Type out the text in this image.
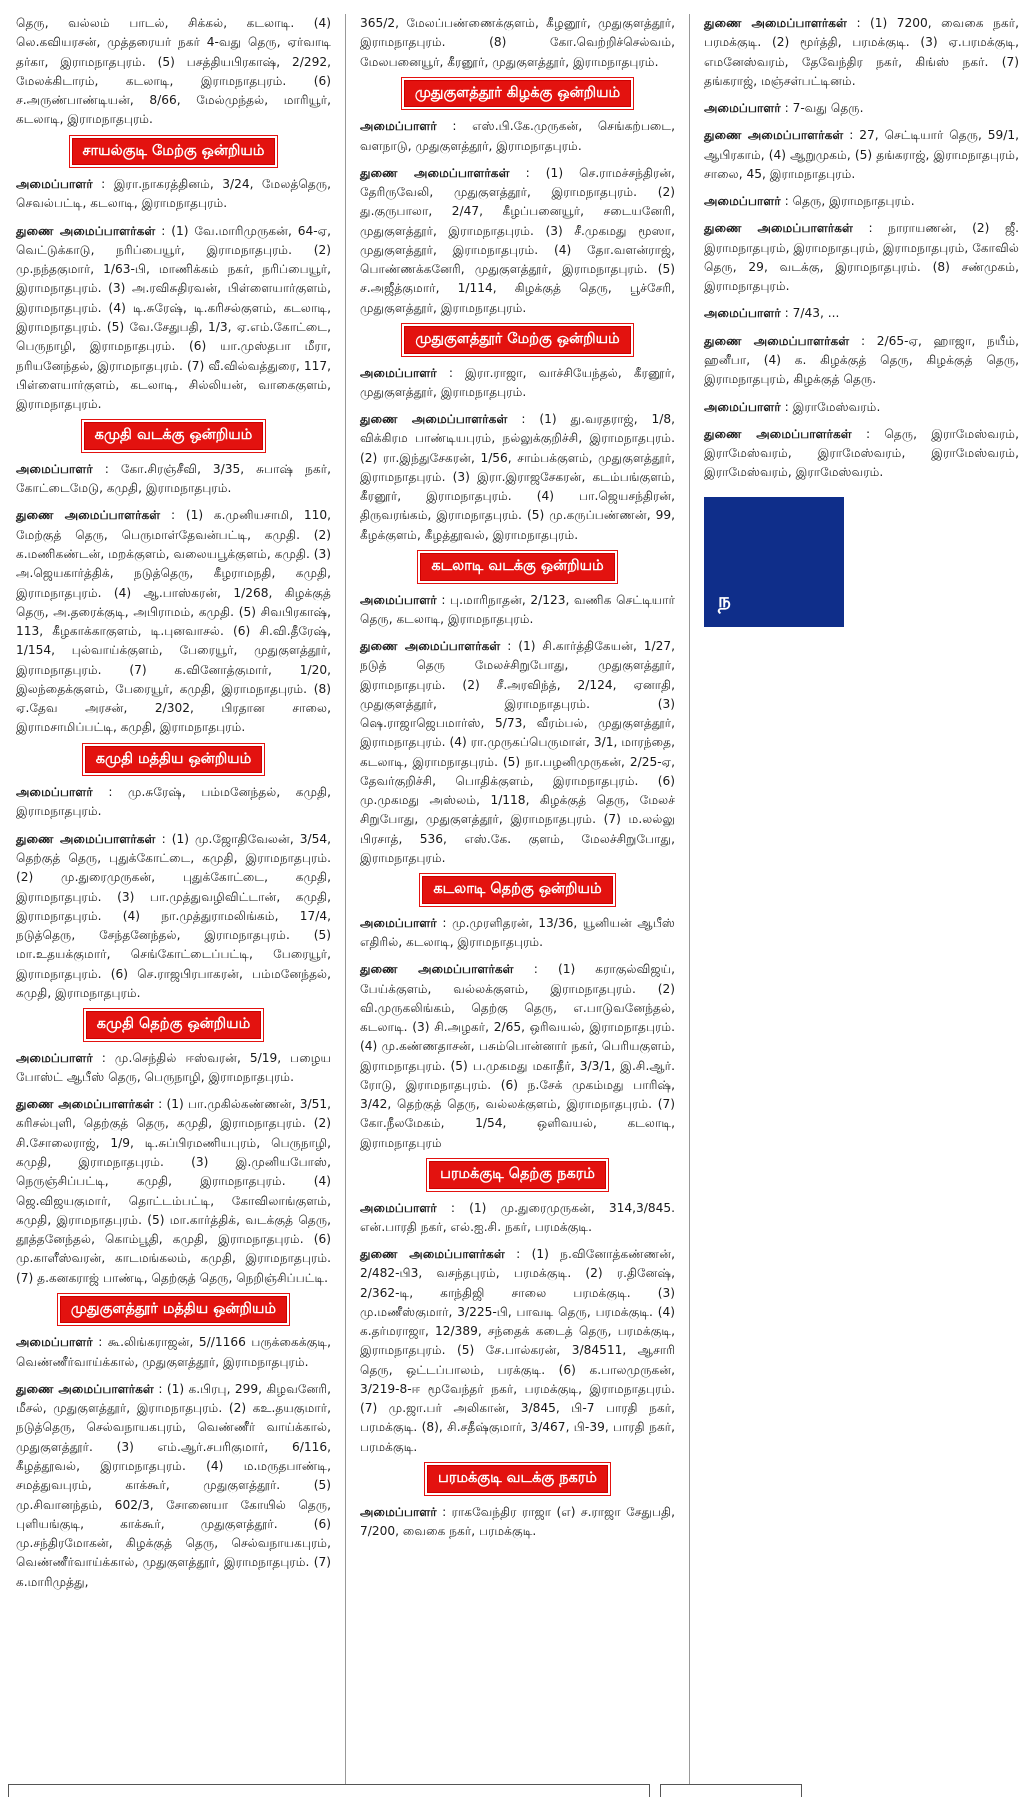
தெரு, வல்லம் பாடல், சிக்கல், கடலாடி. (4) லெ.கவியரசன், முத்தரையர் நகர் 4-வது தெரு, ஏர்வாடி தர்கா, இராமநாதபுரம். (5) பசத்தியபிரகாஷ், 2/292, மேலக்கிடாரம், கடலாடி, இராமநாதபுரம். (6) ச.அருண்பாண்டியன், 8/66, மேல்முந்தல், மாரியூர், கடலாடி, இராமநாதபுரம்.

சாயல்குடி மேற்கு ஒன்றியம்

அமைப்பாளர் : இரா.நாகரத்தினம், 3/24, மேலத்தெரு, செவல்பட்டி, கடலாடி, இராமநாதபுரம்.

துணை அமைப்பாளர்கள் : (1) வே.மாரிமுருகன், 64-ஏ, வெட்டுக்காடு, நரிப்பையூர், இராமநாதபுரம். (2) மு.நந்தகுமார், 1/63-பி, மாணிக்கம் நகர், நரிப்பையூர், இராமநாதபுரம். (3) அ.ரவிசுதிரவன், பிள்ளையார்குளம், இராமநாதபுரம். (4) டி.சுரேஷ், டி.கரிசல்குளம், கடலாடி, இராமநாதபுரம். (5) வே.சேதுபதி, 1/3, ஏ.எம்.கோட்டை, பெருநாழி, இராமநாதபுரம். (6) யா.முஸ்தபா மீரா, நரியனேந்தல், இராமநாதபுரம். (7) வீ.வில்வத்துரை, 117, பிள்ளையார்குளம், கடலாடி, சில்லியன், வாகைகுளம், இராமநாதபுரம்.

கமுதி வடக்கு ஒன்றியம்

அமைப்பாளர் : கோ.சிரஞ்சீவி, 3/35, சுபாஷ் நகர், கோட்டைமேடு, கமுதி, இராமநாதபுரம்.

துணை அமைப்பாளர்கள் : (1) க.முனியசாமி, 110, மேற்குத் தெரு, பெருமாள்தேவன்பட்டி, கமுதி. (2) க.மணிகண்டன், மறக்குளம், வலையபூக்குளம், கமுதி. (3) அ.ஜெயகார்த்திக், நடுத்தெரு, கீழராமநதி, கமுதி, இராமநாதபுரம். (4) ஆ.பாஸ்கரன், 1/268, கிழக்குத் தெரு, அ.தரைக்குடி, அபிராமம், கமுதி. (5) சிவபிரகாஷ், 113, கீழகாக்காகுளம், டி.புனவாசல். (6) சி.வி.தீரேஷ், 1/154, புல்வாய்க்குளம், பேரையூர், முதுகுளத்தூர், இராமநாதபுரம். (7) க.வினோத்குமார், 1/20, இலந்தைக்குளம், பேரையூர், கமுதி, இராமநாதபுரம். (8) ஏ.தேவ அரசன், 2/302, பிரதான சாலை, இராமசாமிப்பட்டி, கமுதி, இராமநாதபுரம்.

கமுதி மத்திய ஒன்றியம்

அமைப்பாளர் : மு.சுரேஷ், பம்மனேந்தல், கமுதி, இராமநாதபுரம்.

துணை அமைப்பாளர்கள் : (1) மு.ஜோதிவேலன், 3/54, தெற்குத் தெரு, புதுக்கோட்டை, கமுதி, இராமநாதபுரம். (2) மு.துரைமுருகன், புதுக்கோட்டை, கமுதி, இராமநாதபுரம். (3) பா.முத்துவழிவிட்டான், கமுதி, இராமநாதபுரம். (4) நா.முத்துராமலிங்கம், 17/4, நடுத்தெரு, சேந்தனேந்தல், இராமநாதபுரம். (5) மா.உதயக்குமார், செங்கோட்டைப்பட்டி, பேரையூர், இராமநாதபுரம். (6) செ.ராஜபிரபாகரன், பம்மனேந்தல், கமுதி, இராமநாதபுரம்.

கமுதி தெற்கு ஒன்றியம்

அமைப்பாளர் : மு.செந்தில் ஈஸ்வரன், 5/19, பழைய போஸ்ட் ஆபீஸ் தெரு, பெருநாழி, இராமநாதபுரம்.

துணை அமைப்பாளர்கள் : (1) பா.முகில்கண்ணன், 3/51, கரிசல்புளி, தெற்குத் தெரு, கமுதி, இராமநாதபுரம். (2) சி.சோலைராஜ், 1/9, டி.சுப்பிரமணியபுரம், பெருநாழி, கமுதி, இராமநாதபுரம். (3) இ.முனியபோஸ், நெருஞ்சிப்பட்டி, கமுதி, இராமநாதபுரம். (4) ஜெ.விஜயகுமார், தொட்டம்பட்டி, கோவிலாங்குளம், கமுதி, இராமநாதபுரம். (5) மா.கார்த்திக், வடக்குத் தெரு, தூத்தனேந்தல், கொம்பூதி, கமுதி, இராமநாதபுரம். (6) மு.காளீஸ்வரன், காடமங்கலம், கமுதி, இராமநாதபுரம். (7) த.கனகராஜ் பாண்டி, தெற்குத் தெரு, நெறிஞ்சிப்பட்டி.

முதுகுளத்தூர் மத்திய ஒன்றியம்

அமைப்பாளர் : கூ.லிங்கராஜன், 5//1166 பருக்கைக்குடி, வெண்ணீர்வாய்க்கால், முதுகுளத்தூர், இராமநாதபுரம்.

துணை அமைப்பாளர்கள் : (1) க.பிரபு, 299, கிழவனேரி, மீசல், முதுகுளத்தூர், இராமநாதபுரம். (2) கஉ.தயகுமார், நடுத்தெரு, செல்வநாயகபுரம், வெண்ணீர் வாய்க்கால், முதுகுளத்தூர். (3) எம்.ஆர்.சபரிகுமார், 6/116, கீழத்தூவல், இராமநாதபுரம். (4) ம.மருதபாண்டி, சமத்துவபுரம், காக்கூர், முதுகுளத்தூர். (5) மு.சிவானந்தம், 602/3, சோனையா கோயில் தெரு, புளியங்குடி, காக்கூர், முதுகுளத்தூர். (6) மு.சந்திரமோகன், கிழக்குத் தெரு, செல்வநாயகபுரம், வெண்ணீர்வாய்க்கால், முதுகுளத்தூர், இராமநாதபுரம். (7) க.மாரிமுத்து,

365/2, மேலப்பண்ணைக்குளம், கீழனூர், முதுகுளத்தூர், இராமநாதபுரம். (8) கோ.வெற்றிச்செல்வம், மேலபனையூர், கீரனூர், முதுகுளத்தூர், இராமநாதபுரம்.

முதுகுளத்தூர் கிழக்கு ஒன்றியம்

அமைப்பாளர் : எஸ்.பி.கே.முருகன், செங்கற்படை, வளநாடு, முதுகுளத்தூர், இராமநாதபுரம்.

துணை அமைப்பாளர்கள் : (1) செ.ராமச்சந்திரன், தேரிருவேலி, முதுகுளத்தூர், இராமநாதபுரம். (2) து.குருபாலா, 2/47, கீழப்பனையூர், சடையனேரி, முதுகுளத்தூர், இராமநாதபுரம். (3) சீ.முகமது மூஸா, முதுகுளத்தூர், இராமநாதபுரம். (4) தோ.வளன்ராஜ், பொண்ணக்கனேரி, முதுகுளத்தூர், இராமநாதபுரம். (5) ச.அஜீத்குமார், 1/114, கிழக்குத் தெரு, பூச்சேரி, முதுகுளத்தூர், இராமநாதபுரம்.

முதுகுளத்தூர் மேற்கு ஒன்றியம்

அமைப்பாளர் : இரா.ராஜா, வாச்சியேந்தல், கீரனூர், முதுகுளத்தூர், இராமநாதபுரம்.

துணை அமைப்பாளர்கள் : (1) து.வரதராஜ், 1/8, விக்கிரம பாண்டியபுரம், நல்லுக்குறிச்சி, இராமநாதபுரம். (2) ரா.இந்துசேகரன், 1/56, சாம்பக்குளம், முதுகுளத்தூர், இராமநாதபுரம். (3) இரா.இராஜசேகரன், கடம்பங்குளம், கீரனூர், இராமநாதபுரம். (4) பா.ஜெயசந்திரன், திருவரங்கம், இராமநாதபுரம். (5) மு.கருப்பண்ணன், 99, கீழக்குளம், கீழத்தூவல், இராமநாதபுரம்.

கடலாடி வடக்கு ஒன்றியம்

அமைப்பாளர் : பு.மாரிநாதன், 2/123, வணிக செட்டியார் தெரு, கடலாடி, இராமநாதபுரம்.

துணை அமைப்பாளர்கள் : (1) சி.கார்த்திகேயன், 1/27, நடுத் தெரு மேலச்சிறுபோது, முதுகுளத்தூர், இராமநாதபுரம். (2) சீ.அரவிந்த், 2/124, ஏனாதி, முதுகுளத்தூர், இராமநாதபுரம். (3) ஷெ.ராஜாஜெபமார்ஸ், 5/73, வீரம்பல், முதுகுளத்தூர், இராமநாதபுரம். (4) ரா.முருகப்பெருமாள், 3/1, மாரந்தை, கடலாடி, இராமநாதபுரம். (5) நா.பழனிமுருகன், 2/25-ஏ, தேவர்குறிச்சி, பொதிக்குளம், இராமநாதபுரம். (6) மு.முகமது அஸ்லம், 1/118, கிழக்குத் தெரு, மேலச் சிறுபோது, முதுகுளத்தூர், இராமநாதபுரம். (7) ம.லல்லு பிரசாத், 536, எஸ்.கே. குளம், மேலச்சிறுபோது, இராமநாதபுரம்.

கடலாடி தெற்கு ஒன்றியம்

அமைப்பாளர் : மு.முரளிதரன், 13/36, யூனியன் ஆபீஸ் எதிரில், கடலாடி, இராமநாதபுரம்.

துணை அமைப்பாளர்கள் : (1) கராகுல்விஜய், பேய்க்குளம், வல்லக்குளம், இராமநாதபுரம். (2) வி.முருகலிங்கம், தெற்கு தெரு, எ.பாடுவனேந்தல், கடலாடி. (3) சி.அழகர், 2/65, ஒரிவயல், இராமநாதபுரம். (4) மு.கண்ணதாசன், பசும்பொன்னார் நகர், பெரியகுளம், இராமநாதபுரம். (5) ப.முகமது மகாதீர், 3/3/1, இ.சி.ஆர். ரோடு, இராமநாதபுரம். (6) ந.சேக் முகம்மது பாரிஷ், 3/42, தெற்குத் தெரு, வல்லக்குளம், இராமநாதபுரம். (7) கோ.நீலமேகம், 1/54, ஒளிவயல், கடலாடி, இராமநாதபுரம்

பரமக்குடி தெற்கு நகரம்

அமைப்பாளர் : (1) மு.துரைமுருகன், 314,3/845. என்.பாரதி நகர், எல்.ஐ.சி. நகர், பரமக்குடி.

துணை அமைப்பாளர்கள் : (1) ந.வினோத்கண்ணன், 2/482-பி3, வசந்தபுரம், பரமக்குடி. (2) ர.தினேஷ், 2/362-டி, காந்திஜி சாலை பரமக்குடி. (3) மு.மணீஸ்குமார், 3/225-பி, பாவடி தெரு, பரமக்குடி. (4) க.தர்மராஜா, 12/389, சந்தைக் கடைத் தெரு, பரமக்குடி, இராமநாதபுரம். (5) சே.பால்கரன், 3/84511, ஆசாரி தெரு, ஒட்டப்பாலம், பரக்குடி. (6) க.பாலமுருகன், 3/219-8-ஈ மூவேந்தர் நகர், பரமக்குடி, இராமநாதபுரம். (7) மு.ஜா.பர் அலிகான், 3/845, பி-7 பாரதி நகர், பரமக்குடி. (8), சி.சதீஷ்குமார், 3/467, பி-39, பாரதி நகர், பரமக்குடி.

பரமக்குடி வடக்கு நகரம்

அமைப்பாளர் : ராகவேந்திர ராஜா (எ) ச.ராஜா சேதுபதி, 7/200, வைகை நகர், பரமக்குடி.

துணை அமைப்பாளர்கள் : (1) 7200, வைகை நகர், பரமக்குடி. (2) மூர்த்தி, பரமக்குடி. (3) ஏ.பரமக்குடி, எமனேஸ்வரம், தேவேந்திர நகர், கிங்ஸ் நகர். (7) தங்கராஜ், மஞ்சள்பட்டினம்.

அமைப்பாளர் : 7-வது தெரு.

துணை அமைப்பாளர்கள் : 27, செட்டியார் தெரு, 59/1, ஆபிரகாம், (4) ஆறுமுகம், (5) தங்கராஜ், இராமநாதபுரம், சாலை, 45, இராமநாதபுரம்.

அமைப்பாளர் : தெரு, இராமநாதபுரம்.

துணை அமைப்பாளர்கள் : நாராயணன், (2) ஜீ. இராமநாதபுரம், இராமநாதபுரம், இராமநாதபுரம், கோவில் தெரு, 29, வடக்கு, இராமநாதபுரம். (8) சண்முகம், இராமநாதபுரம்.

அமைப்பாளர் : 7/43, ...

துணை அமைப்பாளர்கள் : 2/65-ஏ, ஹாஜா, நயீம், ஹனீபா, (4) க. கிழக்குத் தெரு, கிழக்குத் தெரு, இராமநாதபுரம், கிழக்குத் தெரு.

அமைப்பாளர் : இராமேஸ்வரம்.

துணை அமைப்பாளர்கள் : தெரு, இராமேஸ்வரம், இராமேஸ்வரம், இராமேஸ்வரம், இராமேஸ்வரம், இராமேஸ்வரம், இராமேஸ்வரம்.

ந
